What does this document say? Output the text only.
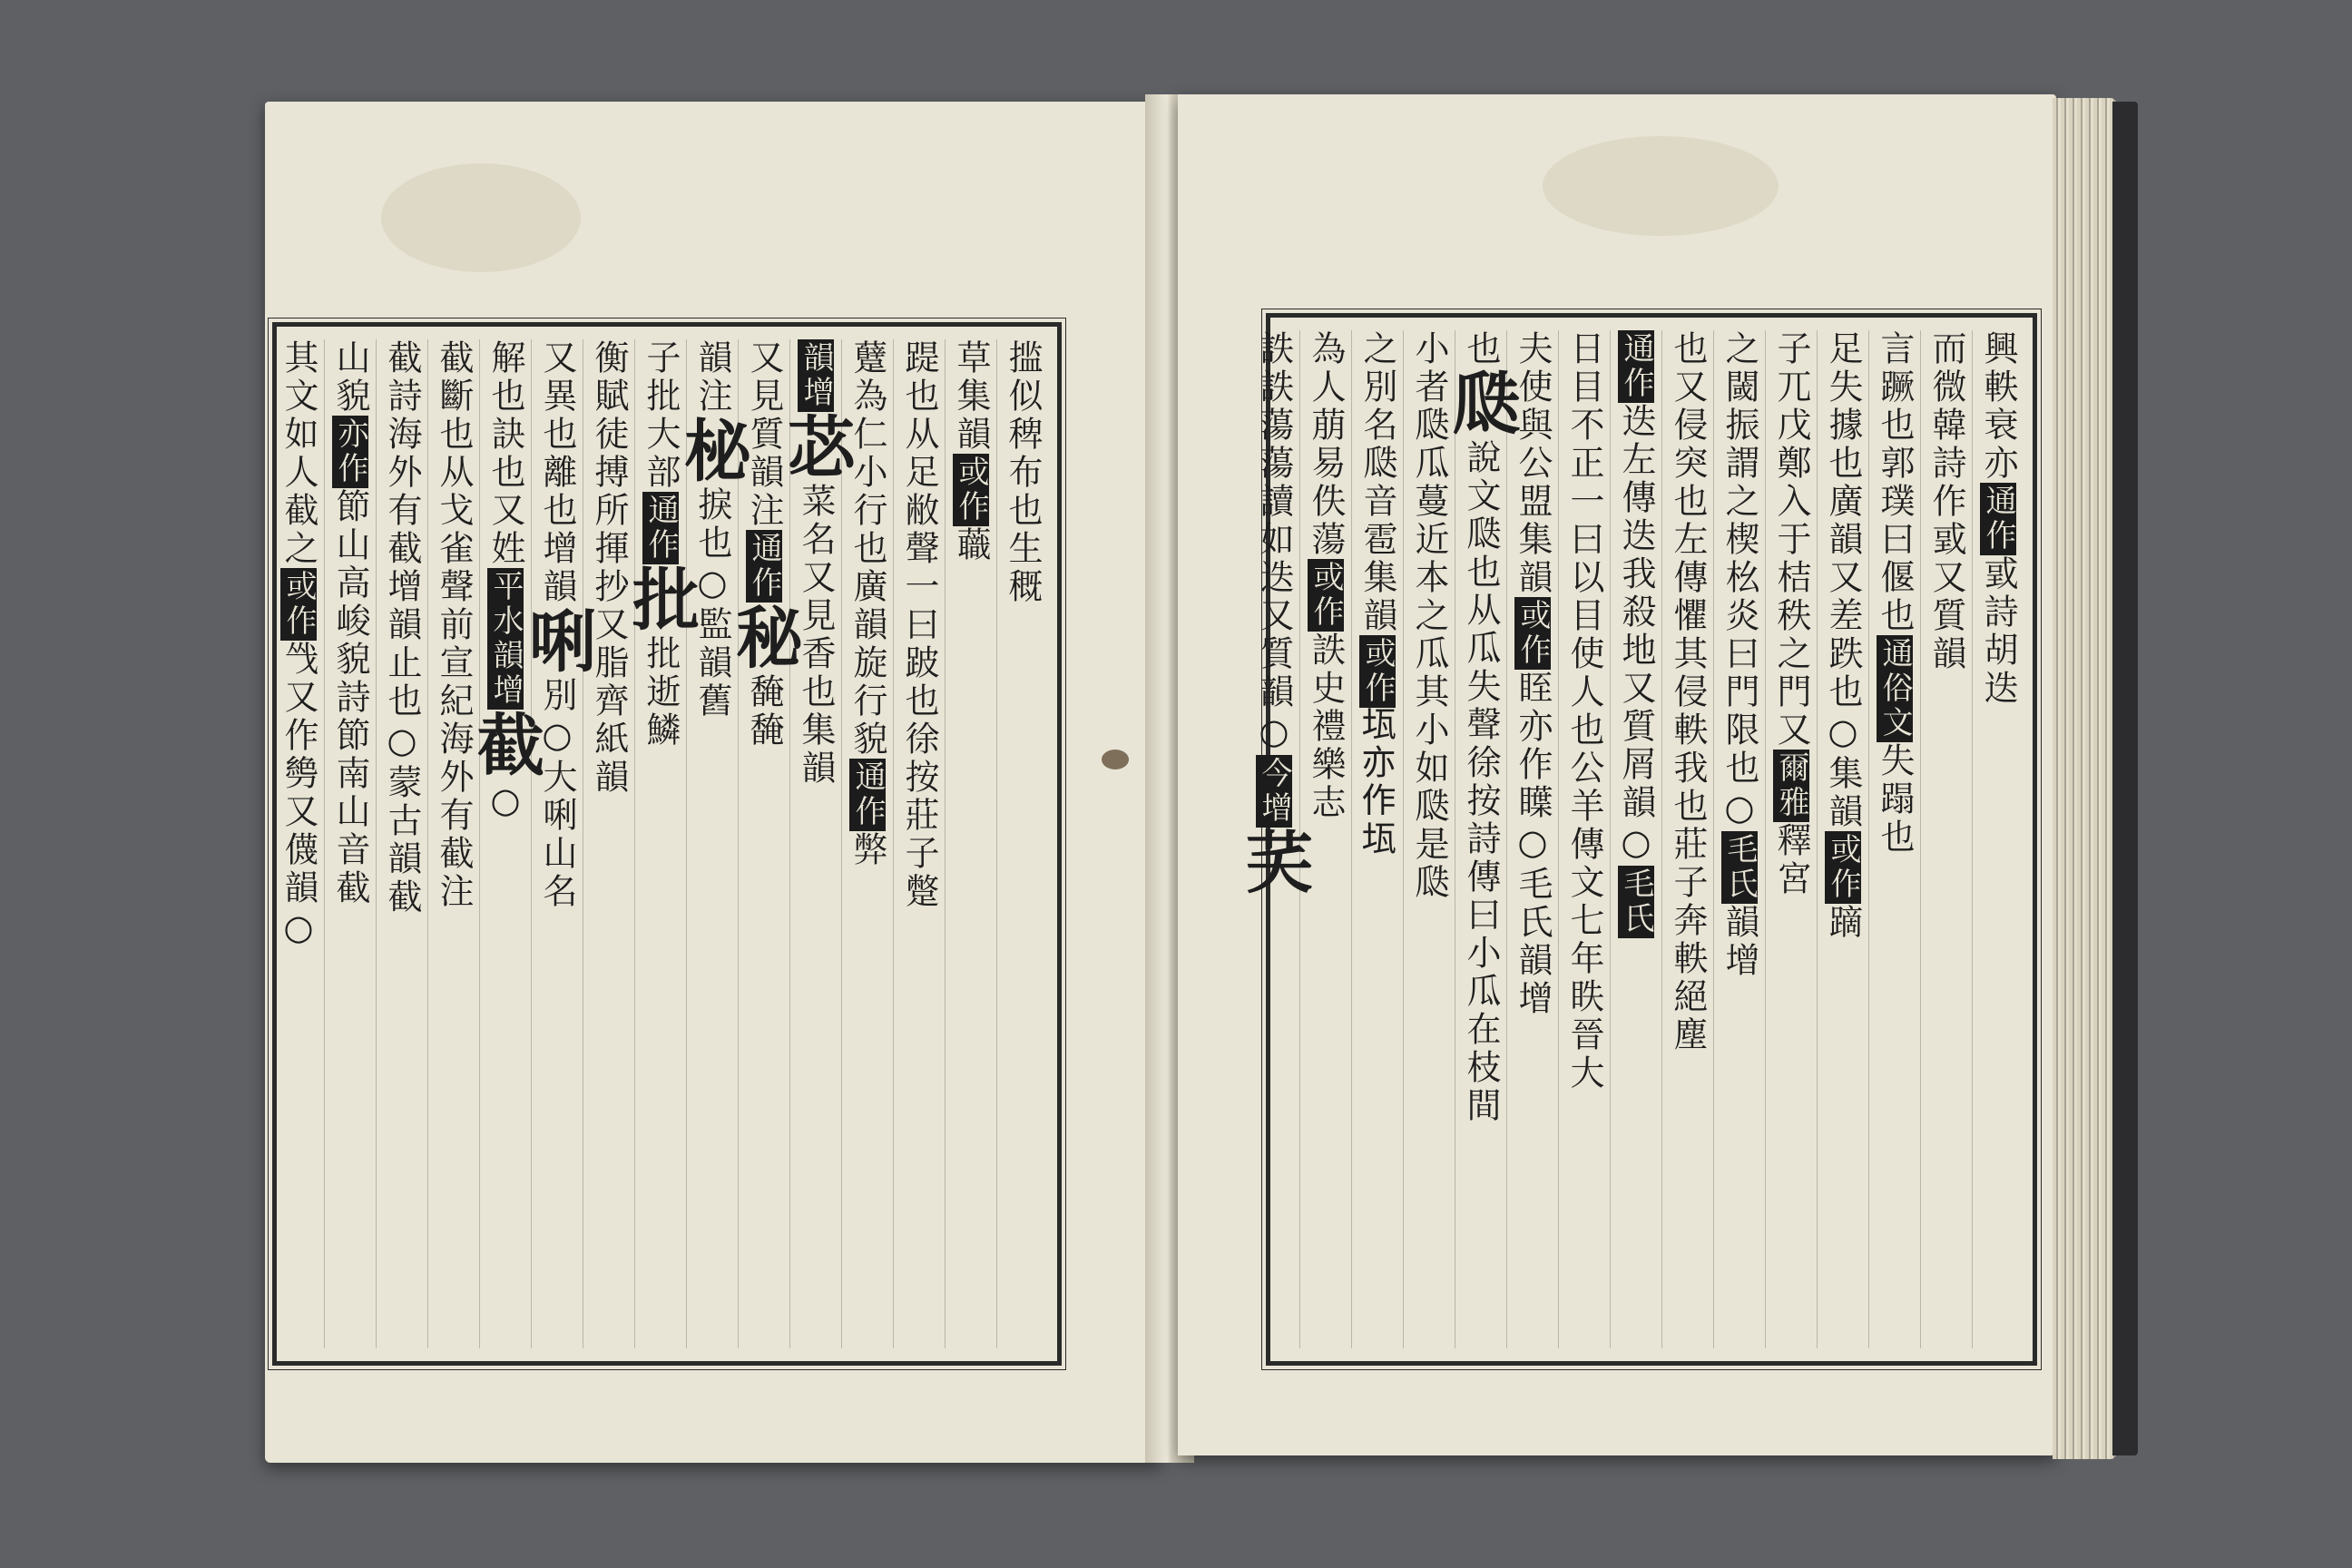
㨫似稗布也生穊
草集韻或作蘵
踶也从足敝聲一曰跛也徐按莊子蹩
躠為仁小行也廣韻旋行貌通作弊
韻增苾菜名又見香也集韻
又見質韻注通作秘馣馣
韻注柲捩也○監韻舊
子批大部通作批批逝鱗
衡賦徒搏所揮抄又脂齊紙韻
又異也離也增韻唎別○大唎山名
解也訣也又姓平水韻增截○
截斷也从戈雀聲前宣紀海外有截注
截詩海外有截增韻止也○蒙古韻截
山貌亦作節山高峻貌詩節南山音截
其文如人截之或作㦰又作㔃又㒝韻○
興軼衰亦通作戜詩胡迭
而微韓詩作戜又質韻
言蹶也郭璞曰偃也通俗文失蹋也
足失據也廣韻又差跌也○集韻或作蹢
子兀戊鄭入于桔秩之門又爾雅釋宮
之閾振謂之楔㭃炎曰門限也○毛氏韻增
也又侵突也左傳懼其侵軼我也莊子奔軼絕塵
通作迭左傳迭我殺地又質屑韻○毛氏
日目不正一曰以目使人也公羊傳文七年眣晉大
夫使與公盟集韻或作眰亦作瞸○毛氏韻增
也瓞說文瓞也从瓜失聲徐按詩傳曰小瓜在枝間
小者瓞瓜蔓近本之瓜其小如瓞是瓞
之別名瓞音雹集韻或作𤬪亦作𤬪
為人萠易佚蕩或作詄史禮樂志
詄詄蕩蕩讀如迭又質韻○今增芺
